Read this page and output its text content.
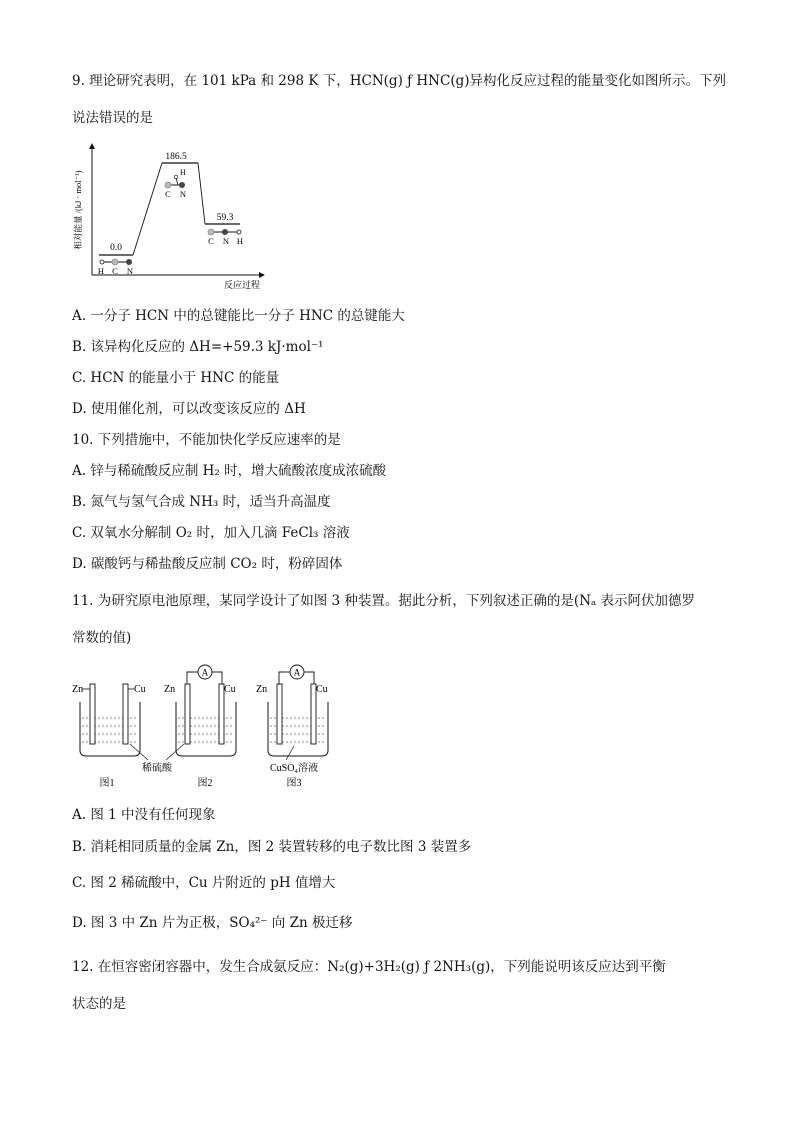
9. 理论研究表明，在 101 kPa 和 298 K 下，HCN(g) ƒ HNC(g)异构化反应过程的能量变化如图所示。下列
说法错误的是
相对能量 /(kJ · mol⁻¹)
反应过程
0.0
186.5
59.3
H C N
H
C N
C N H
A. 一分子 HCN 中的总键能比一分子 HNC 的总键能大
B. 该异构化反应的 ΔH=+59.3 kJ·mol⁻¹
C. HCN 的能量小于 HNC 的能量
D. 使用催化剂，可以改变该反应的 ΔH
10. 下列措施中，不能加快化学反应速率的是
A. 锌与稀硫酸反应制 H₂ 时，增大硫酸浓度成浓硫酸
B. 氮气与氢气合成 NH₃ 时，适当升高温度
C. 双氧水分解制 O₂ 时，加入几滴 FeCl₃ 溶液
D. 碳酸钙与稀盐酸反应制 CO₂ 时，粉碎固体
11. 为研究原电池原理，某同学设计了如图 3 种装置。据此分析，下列叙述正确的是(Nₐ 表示阿伏加德罗
常数的值)
Zn	Cu
图1
A
Zn	Cu
图2
稀硫酸
A
Zn	Cu
CuSO₄溶液
图3
A. 图 1 中没有任何现象
B. 消耗相同质量的金属 Zn，图 2 装置转移的电子数比图 3 装置多
C. 图 2 稀硫酸中，Cu 片附近的 pH 值增大
D. 图 3 中 Zn 片为正极，SO₄²⁻ 向 Zn 极迁移
12. 在恒容密闭容器中，发生合成氨反应：N₂(g)+3H₂(g) ƒ 2NH₃(g)，下列能说明该反应达到平衡
状态的是
